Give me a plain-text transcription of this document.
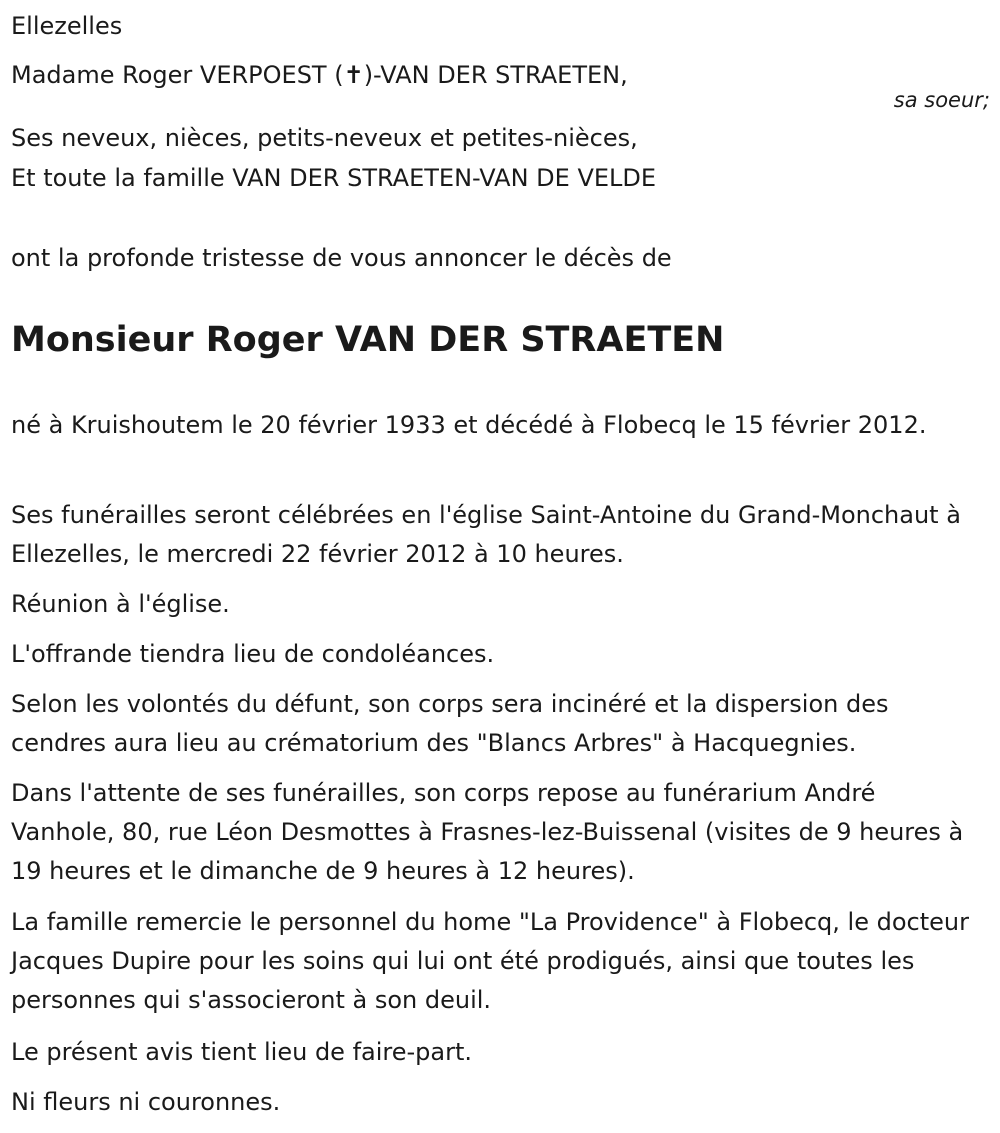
Ellezelles
Madame Roger VERPOEST (✝)-VAN DER STRAETEN,
sa soeur;
Ses neveux, nièces, petits-neveux et petites-nièces,
Et toute la famille VAN DER STRAETEN-VAN DE VELDE
ont la profonde tristesse de vous annoncer le décès de
Monsieur Roger VAN DER STRAETEN
né à Kruishoutem le 20 février 1933 et décédé à Flobecq le 15 février 2012.
Ses funérailles seront célébrées en l'église Saint-Antoine du Grand-Monchaut à Ellezelles, le mercredi 22 février 2012 à 10 heures.
Réunion à l'église.
L'offrande tiendra lieu de condoléances.
Selon les volontés du défunt, son corps sera incinéré et la dispersion des cendres aura lieu au crématorium des "Blancs Arbres" à Hacquegnies.
Dans l'attente de ses funérailles, son corps repose au funérarium André Vanhole, 80, rue Léon Desmottes à Frasnes-lez-Buissenal (visites de 9 heures à 19 heures et le dimanche de 9 heures à 12 heures).
La famille remercie le personnel du home "La Providence" à Flobecq, le docteur Jacques Dupire pour les soins qui lui ont été prodigués, ainsi que toutes les personnes qui s'associeront à son deuil.
Le présent avis tient lieu de faire-part.
Ni fleurs ni couronnes.
